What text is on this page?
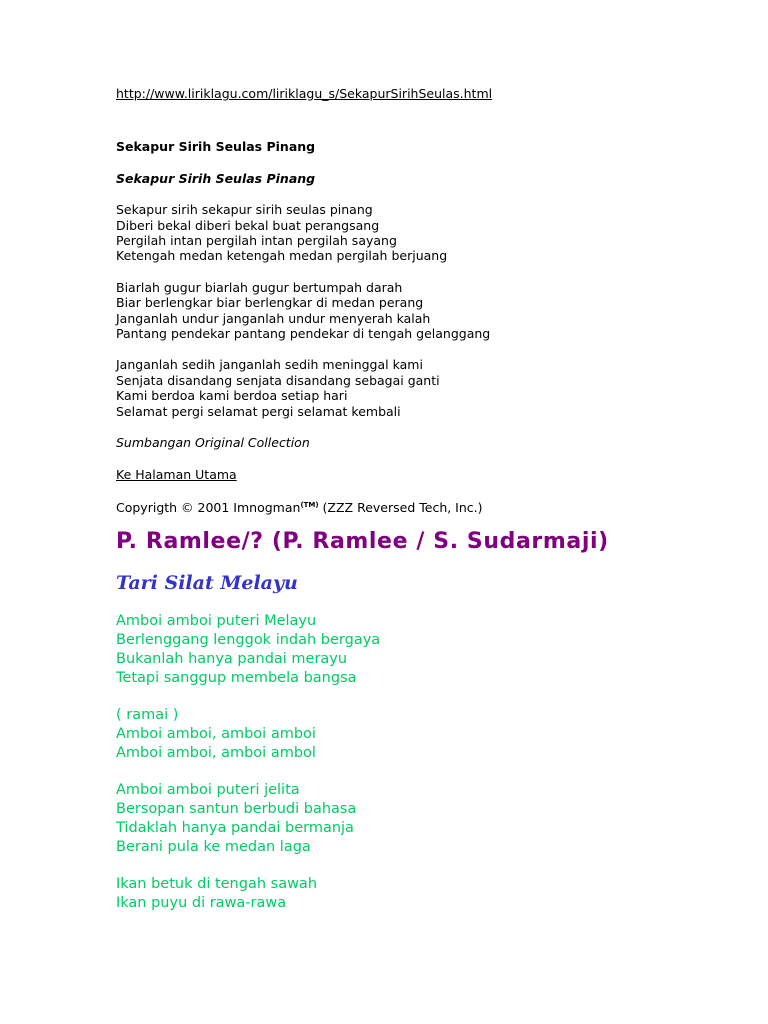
http://www.liriklagu.com/liriklagu_s/SekapurSirihSeulas.html
Sekapur Sirih Seulas Pinang
Sekapur Sirih Seulas Pinang
Sekapur sirih sekapur sirih seulas pinang
Diberi bekal diberi bekal buat perangsang
Pergilah intan pergilah intan pergilah sayang
Ketengah medan ketengah medan pergilah berjuang
Biarlah gugur biarlah gugur bertumpah darah
Biar berlengkar biar berlengkar di medan perang
Janganlah undur janganlah undur menyerah kalah
Pantang pendekar pantang pendekar di tengah gelanggang
Janganlah sedih janganlah sedih meninggal kami
Senjata disandang senjata disandang sebagai ganti
Kami berdoa kami berdoa setiap hari
Selamat pergi selamat pergi selamat kembali
Sumbangan Original Collection
Ke Halaman Utama
Copyrigth © 2001 Imnogman$^{(TM)}$ (ZZZ Reversed Tech, Inc.)
P. Ramlee/? (P. Ramlee / S. Sudarmaji)
Tari Silat Melayu
Amboi amboi puteri Melayu
Berlenggang lenggok indah bergaya
Bukanlah hanya pandai merayu
Tetapi sanggup membela bangsa
( ramai )
Amboi amboi, amboi amboi
Amboi amboi, amboi ambol
Amboi amboi puteri jelita
Bersopan santun berbudi bahasa
Tidaklah hanya pandai bermanja
Berani pula ke medan laga
Ikan betuk di tengah sawah
Ikan puyu di rawa-rawa
